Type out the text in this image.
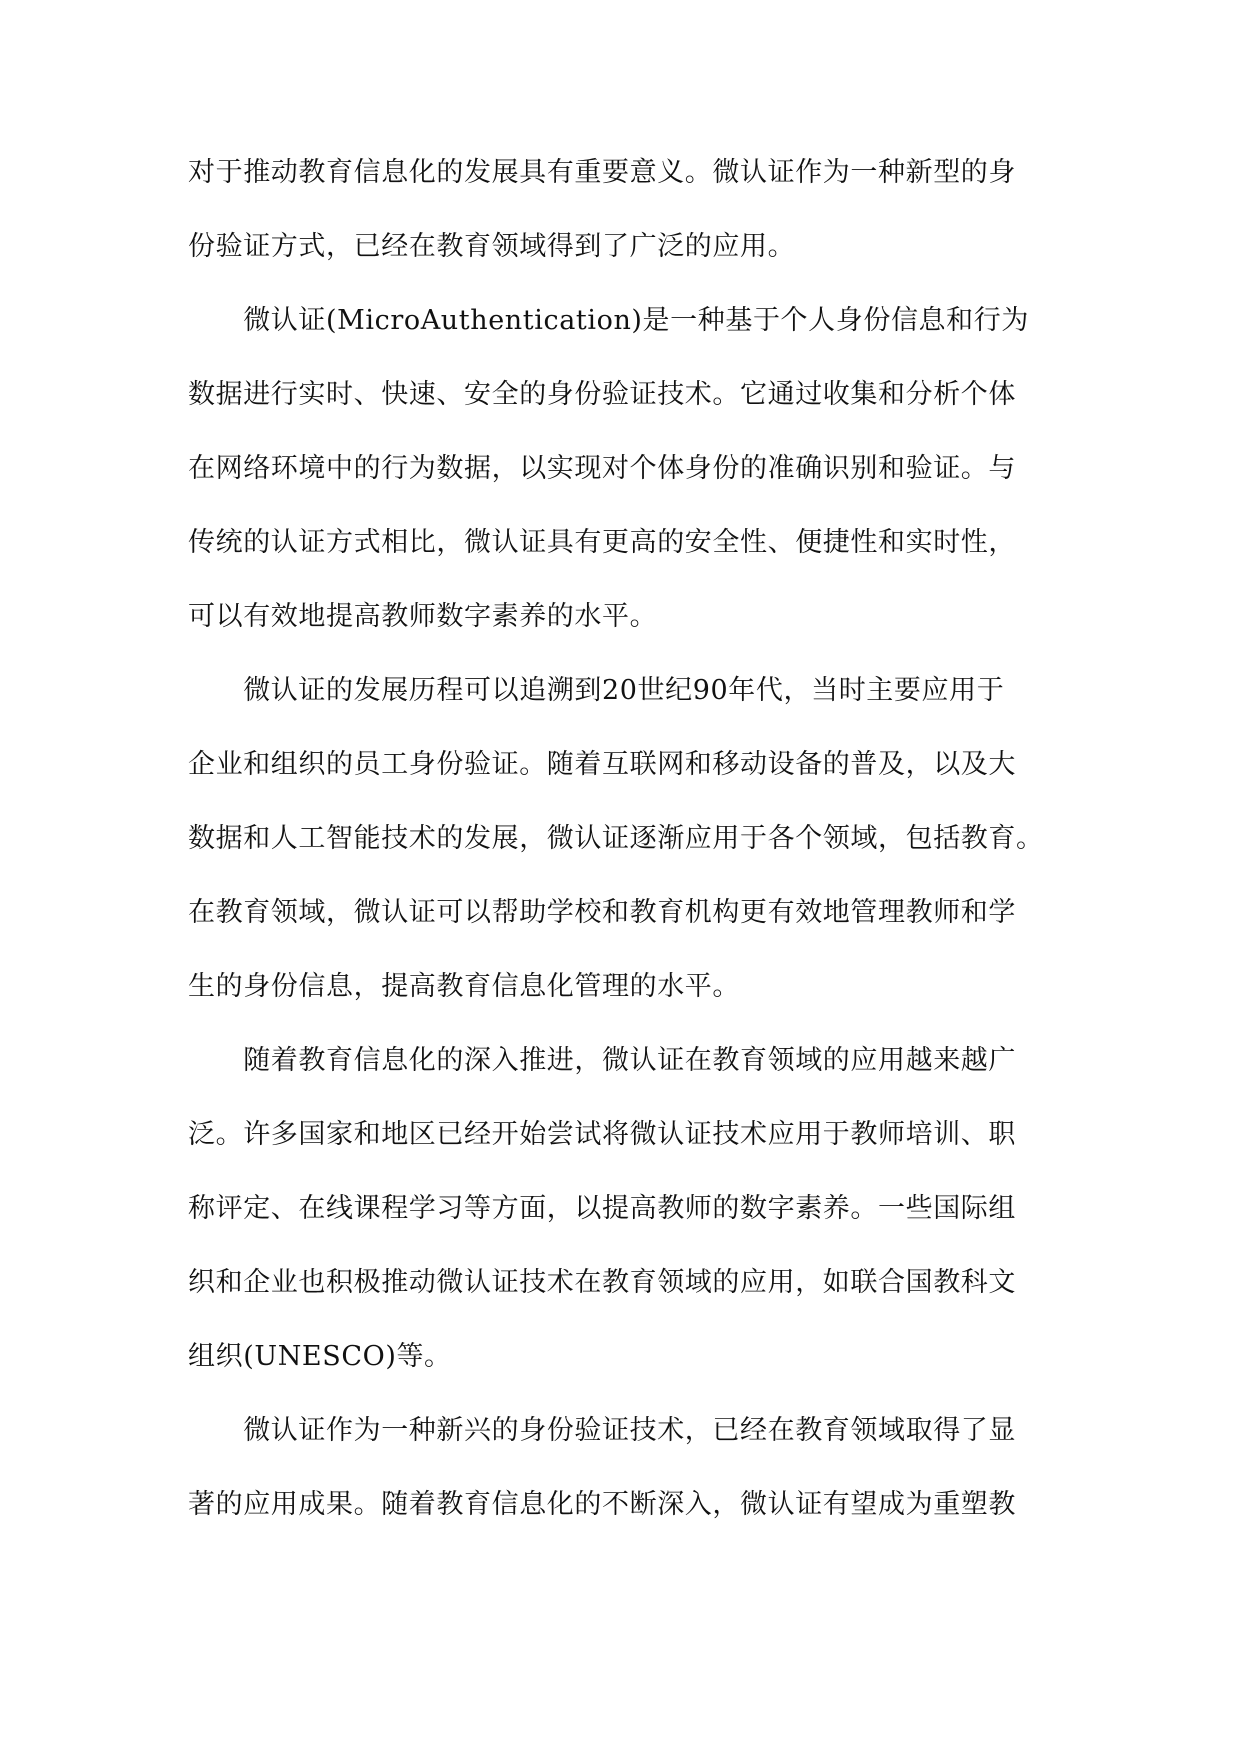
对于推动教育信息化的发展具有重要意义。微认证作为一种新型的身
份验证方式，已经在教育领域得到了广泛的应用。
　　微认证(MicroAuthentication)是一种基于个人身份信息和行为
数据进行实时、快速、安全的身份验证技术。它通过收集和分析个体
在网络环境中的行为数据，以实现对个体身份的准确识别和验证。与
传统的认证方式相比，微认证具有更高的安全性、便捷性和实时性，
可以有效地提高教师数字素养的水平。
　　微认证的发展历程可以追溯到20世纪90年代，当时主要应用于
企业和组织的员工身份验证。随着互联网和移动设备的普及，以及大
数据和人工智能技术的发展，微认证逐渐应用于各个领域，包括教育。
在教育领域，微认证可以帮助学校和教育机构更有效地管理教师和学
生的身份信息，提高教育信息化管理的水平。
　　随着教育信息化的深入推进，微认证在教育领域的应用越来越广
泛。许多国家和地区已经开始尝试将微认证技术应用于教师培训、职
称评定、在线课程学习等方面，以提高教师的数字素养。一些国际组
织和企业也积极推动微认证技术在教育领域的应用，如联合国教科文
组织(UNESCO)等。
　　微认证作为一种新兴的身份验证技术，已经在教育领域取得了显
著的应用成果。随着教育信息化的不断深入，微认证有望成为重塑教
